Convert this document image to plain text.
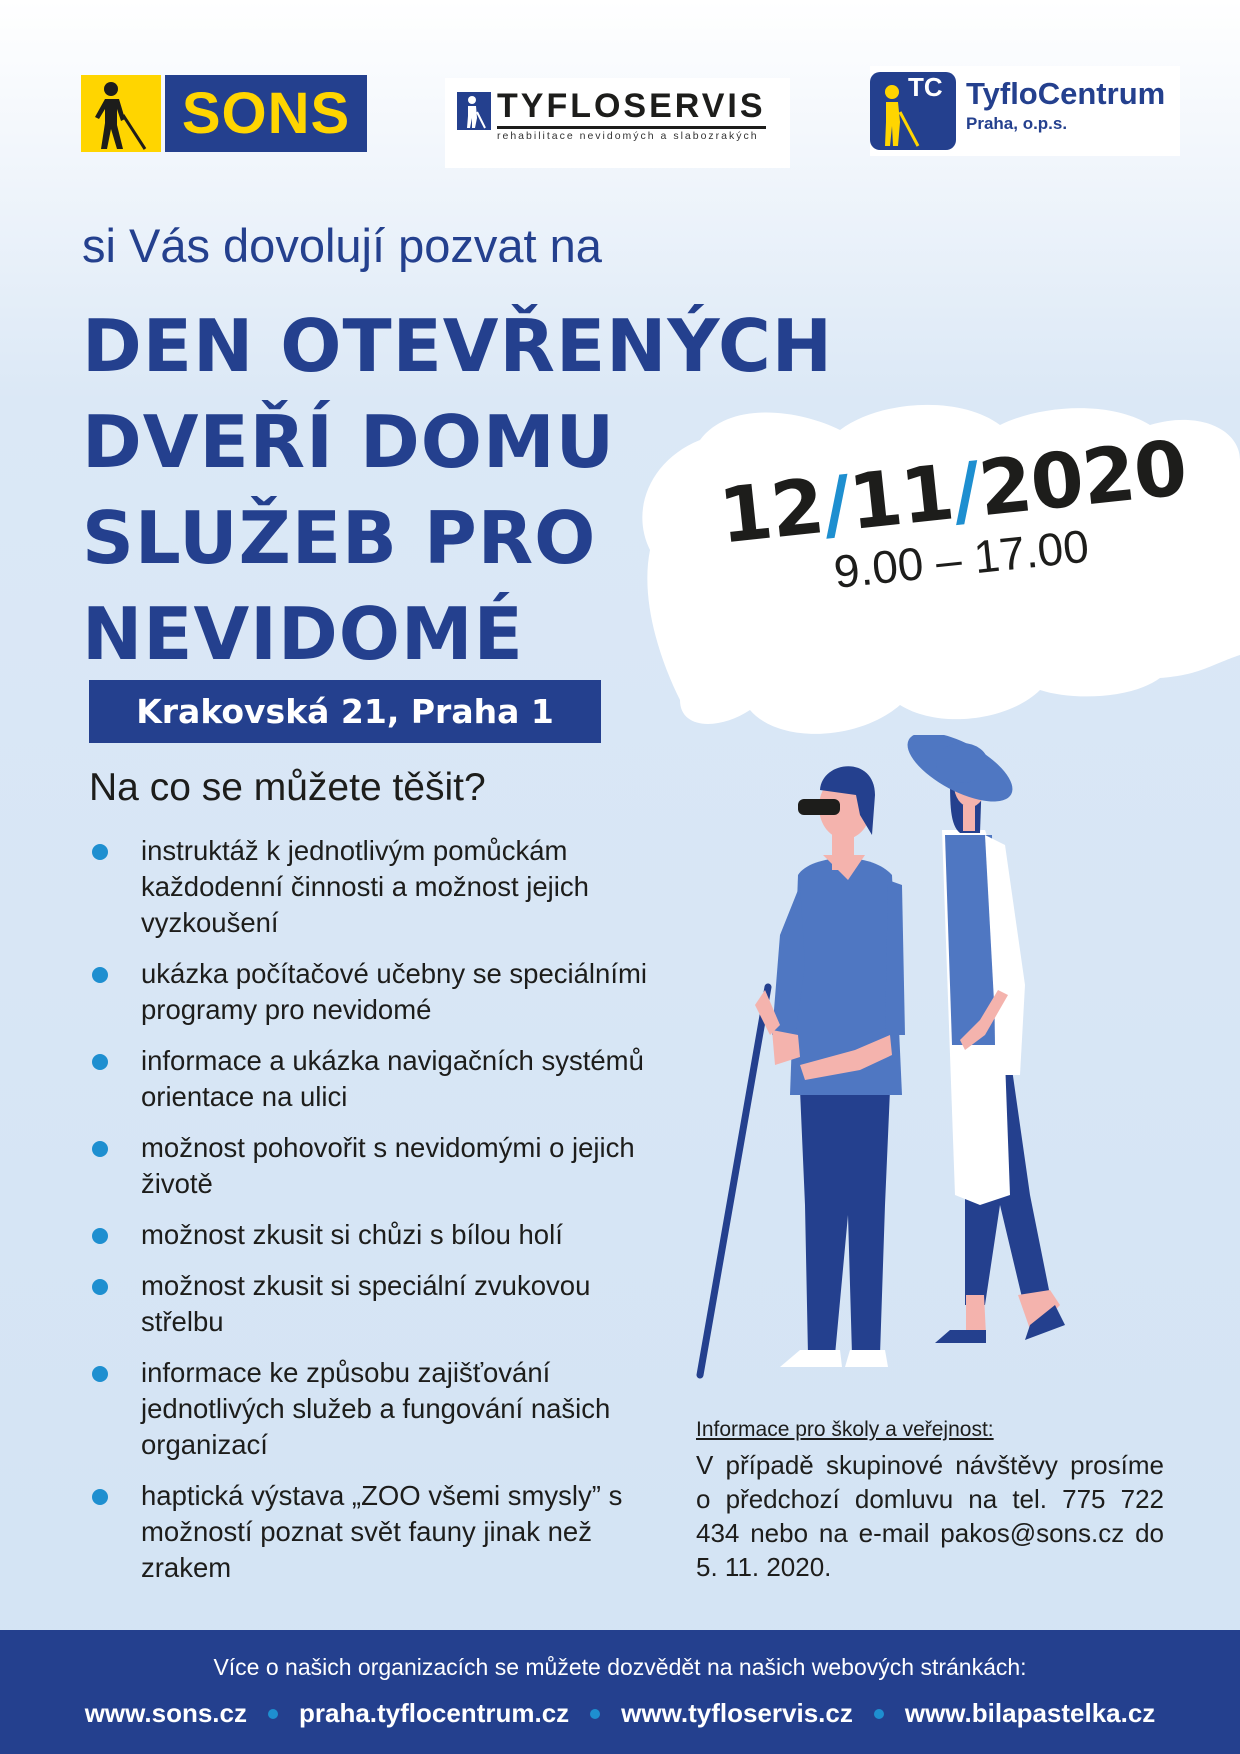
SONS	TYFLOSERVIS
rehabilitace nevidomých a slabozrakých
TC TyfloCentrum
Praha, o.p.s.
si Vás dovolují pozvat na
DEN OTEVŘENÝCH
DVEŘÍ DOMU
SLUŽEB PRO
NEVIDOMÉ
12/11/2020
9.00 – 17.00
Krakovská 21, Praha 1
Na co se můžete těšit?
instruktáž k jednotlivým pomůckám každodenní činnosti a možnost jejich vyzkoušení
ukázka počítačové učebny se speciálními programy pro nevidomé
informace a ukázka navigačních systémů orientace na ulici
možnost pohovořit s nevidomými o jejich životě
možnost zkusit si chůzi s bílou holí
možnost zkusit si speciální zvukovou střelbu
informace ke způsobu zajišťování jednotlivých služeb a fungování našich organizací
haptická výstava „ZOO všemi smysly” s možností poznat svět fauny jinak než zrakem
Informace pro školy a veřejnost:
V případě skupinové návštěvy prosíme o předchozí domluvu na tel. 775 722 434 nebo na e-mail pakos@sons.cz do 5. 11. 2020.
Více o našich organizacích se můžete dozvědět na našich webových stránkách:
www.sons.cz praha.tyflocentrum.cz www.tyfloservis.cz www.bilapastelka.cz
